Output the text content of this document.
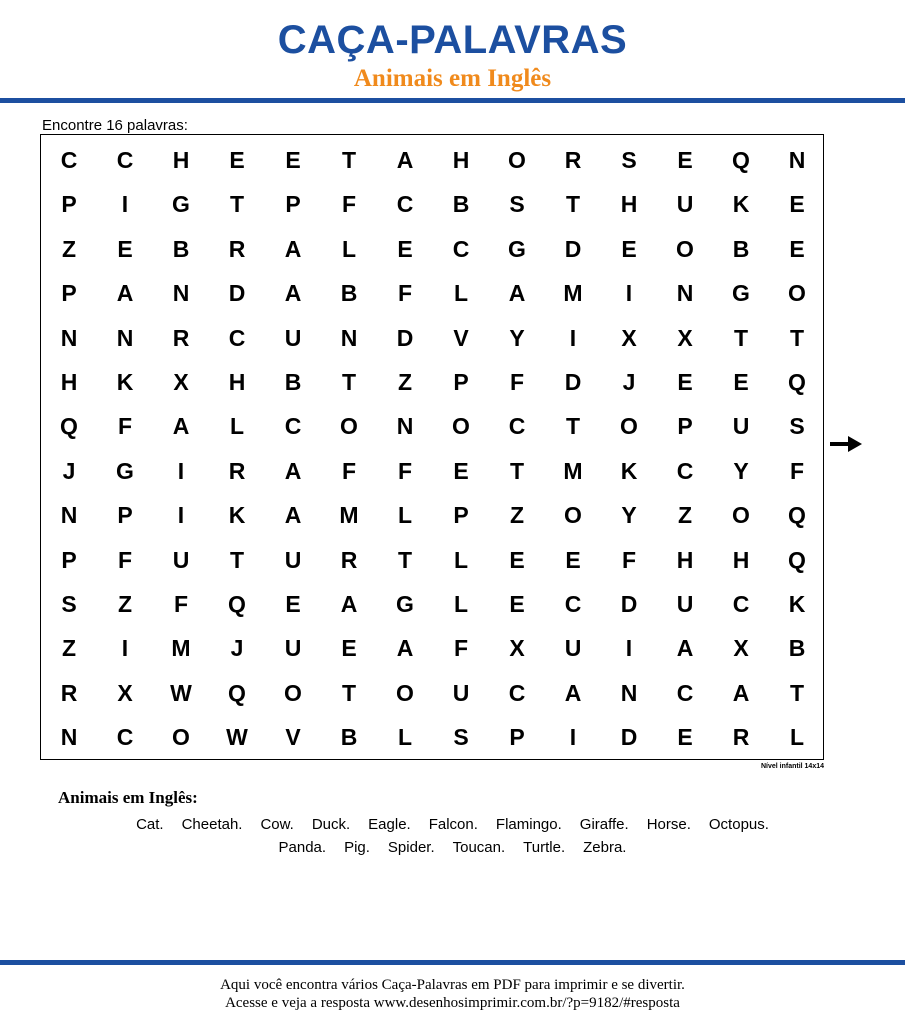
CAÇA-PALAVRAS
Animais em Inglês
Encontre 16 palavras:
C	C	H	E	E	T	A	H	O	R	S	E	Q	N
P	I	G	T	P	F	C	B	S	T	H	U	K	E
Z	E	B	R	A	L	E	C	G	D	E	O	B	E
P	A	N	D	A	B	F	L	A	M	I	N	G	O
N	N	R	C	U	N	D	V	Y	I	X	X	T	T
H	K	X	H	B	T	Z	P	F	D	J	E	E	Q
Q	F	A	L	C	O	N	O	C	T	O	P	U	S
J	G	I	R	A	F	F	E	T	M	K	C	Y	F
N	P	I	K	A	M	L	P	Z	O	Y	Z	O	Q
P	F	U	T	U	R	T	L	E	E	F	H	H	Q
S	Z	F	Q	E	A	G	L	E	C	D	U	C	K
Z	I	M	J	U	E	A	F	X	U	I	A	X	B
R	X	W	Q	O	T	O	U	C	A	N	C	A	T
N	C	O	W	V	B	L	S	P	I	D	E	R	L
Nível infantil 14x14
Animais em Inglês:
Cat. Cheetah. Cow. Duck. Eagle. Falcon. Flamingo. Giraffe. Horse. Octopus.
Panda. Pig. Spider. Toucan. Turtle. Zebra.
Aqui você encontra vários Caça-Palavras em PDF para imprimir e se divertir.
Acesse e veja a resposta www.desenhosimprimir.com.br/?p=9182/#resposta
